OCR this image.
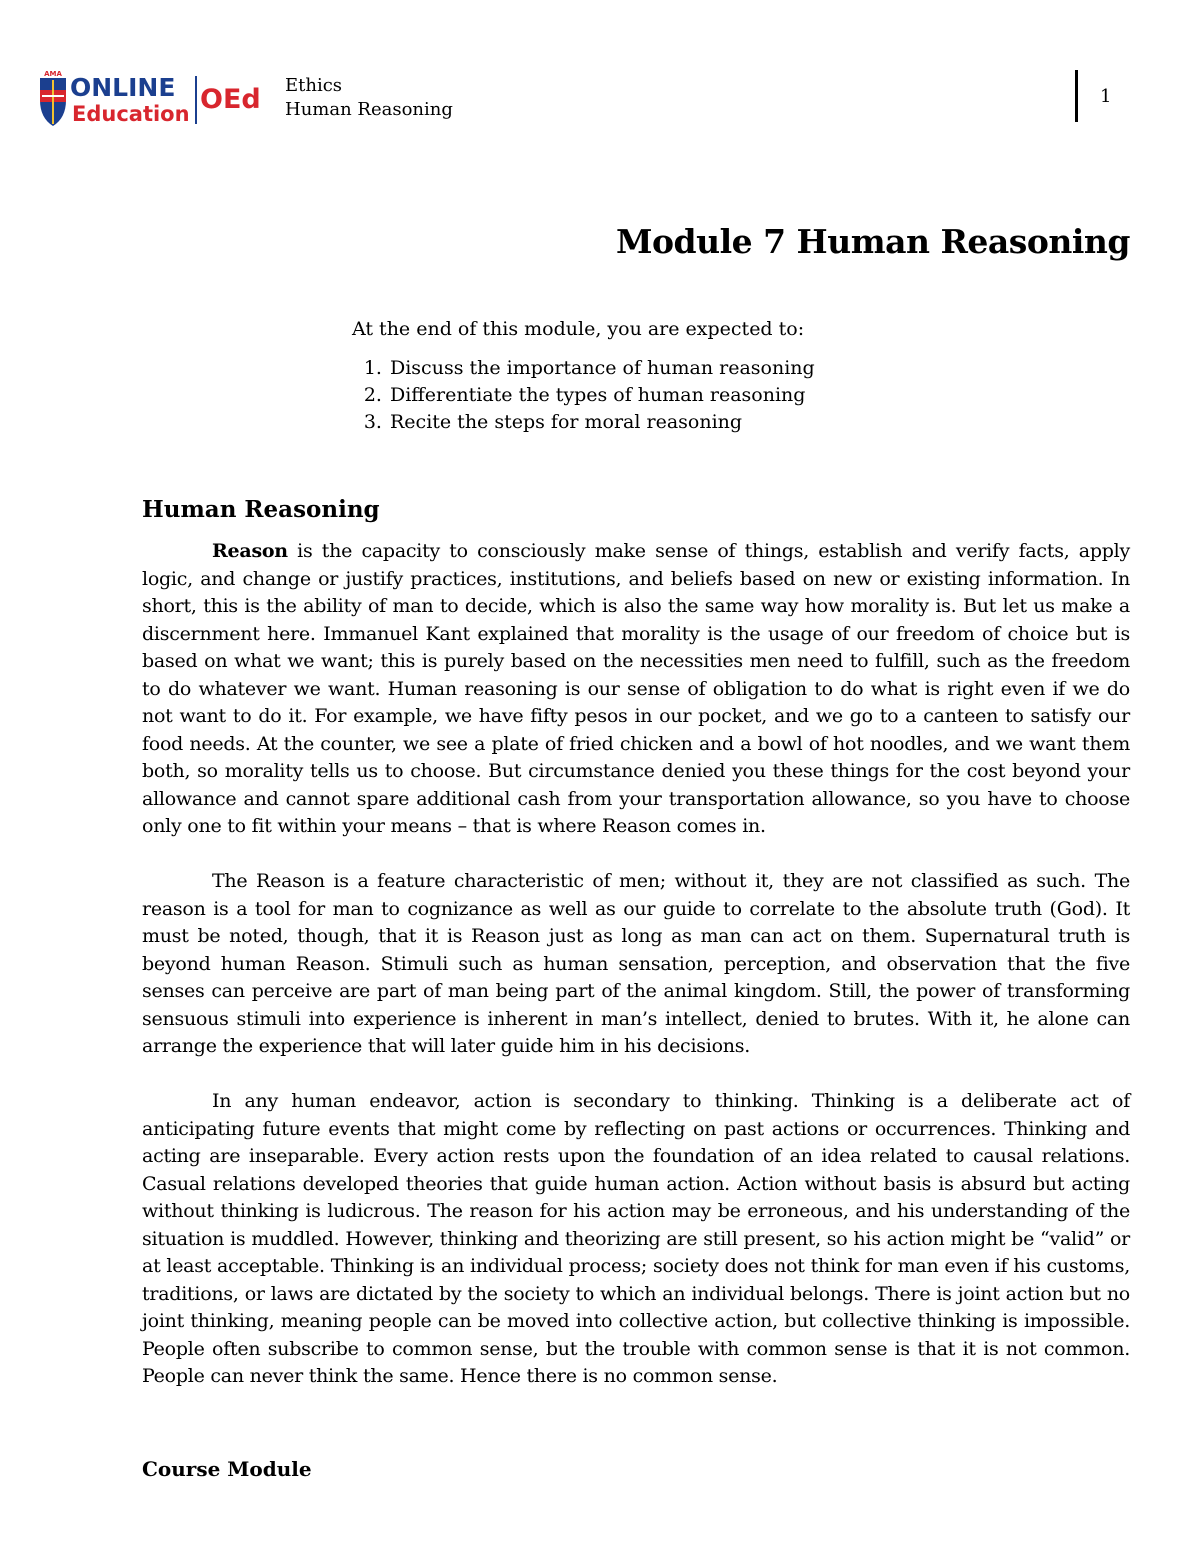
AMA ONLINE
Education OEd Ethics
Human Reasoning
1
Module 7 Human Reasoning

At the end of this module, you are expected to:

1. Discuss the importance of human reasoning
2. Differentiate the types of human reasoning
3. Recite the steps for moral reasoning
Human Reasoning

Reason is the capacity to consciously make sense of things, establish and verify facts, apply logic, and change or justify practices, institutions, and beliefs based on new or existing information. In short, this is the ability of man to decide, which is also the same way how morality is. But let us make a discernment here. Immanuel Kant explained that morality is the usage of our freedom of choice but is based on what we want; this is purely based on the necessities men need to fulfill, such as the freedom to do whatever we want. Human reasoning is our sense of obligation to do what is right even if we do not want to do it. For example, we have fifty pesos in our pocket, and we go to a canteen to satisfy our food needs. At the counter, we see a plate of fried chicken and a bowl of hot noodles, and we want them both, so morality tells us to choose. But circumstance denied you these things for the cost beyond your allowance and cannot spare additional cash from your transportation allowance, so you have to choose only one to fit within your means – that is where Reason comes in.

The Reason is a feature characteristic of men; without it, they are not classified as such. The reason is a tool for man to cognizance as well as our guide to correlate to the absolute truth (God). It must be noted, though, that it is Reason just as long as man can act on them. Supernatural truth is beyond human Reason. Stimuli such as human sensation, perception, and observation that the five senses can perceive are part of man being part of the animal kingdom. Still, the power of transforming sensuous stimuli into experience is inherent in man’s intellect, denied to brutes. With it, he alone can arrange the experience that will later guide him in his decisions.

In any human endeavor, action is secondary to thinking. Thinking is a deliberate act of anticipating future events that might come by reflecting on past actions or occurrences. Thinking and acting are inseparable. Every action rests upon the foundation of an idea related to causal relations. Casual relations developed theories that guide human action. Action without basis is absurd but acting without thinking is ludicrous. The reason for his action may be erroneous, and his understanding of the situation is muddled. However, thinking and theorizing are still present, so his action might be “valid” or at least acceptable. Thinking is an individual process; society does not think for man even if his customs, traditions, or laws are dictated by the society to which an individual belongs. There is joint action but no joint thinking, meaning people can be moved into collective action, but collective thinking is impossible. People often subscribe to common sense, but the trouble with common sense is that it is not common. People can never think the same. Hence there is no common sense.

Course Module
